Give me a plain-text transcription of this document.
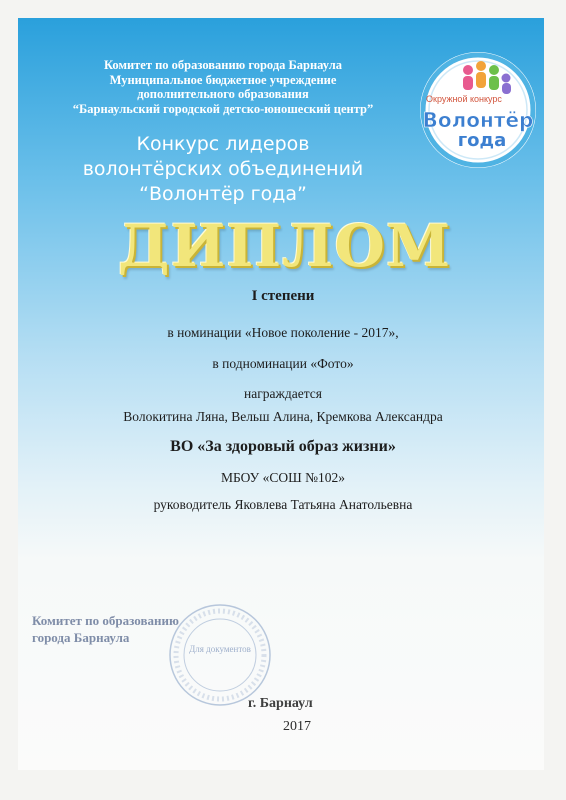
Комитет по образованию города Барнаула
Муниципальное бюджетное учреждение
дополнительного образования
“Барнаульский городской детско-юношеский центр”
Окружной конкурс
Волонтёр
года
Конкурс лидеров
волонтёрских объединений
“Волонтёр года”
ДИПЛОМ
I степени
в номинации «Новое поколение - 2017»,
в подноминации «Фото»
награждается
Волокитина Ляна, Вельш Алина, Кремкова Александра
ВО «За здоровый образ жизни»
МБОУ «СОШ №102»
руководитель Яковлева Татьяна Анатольевна
Комитет по образованию
города Барнаула
Для документов
г. Барнаул
2017
